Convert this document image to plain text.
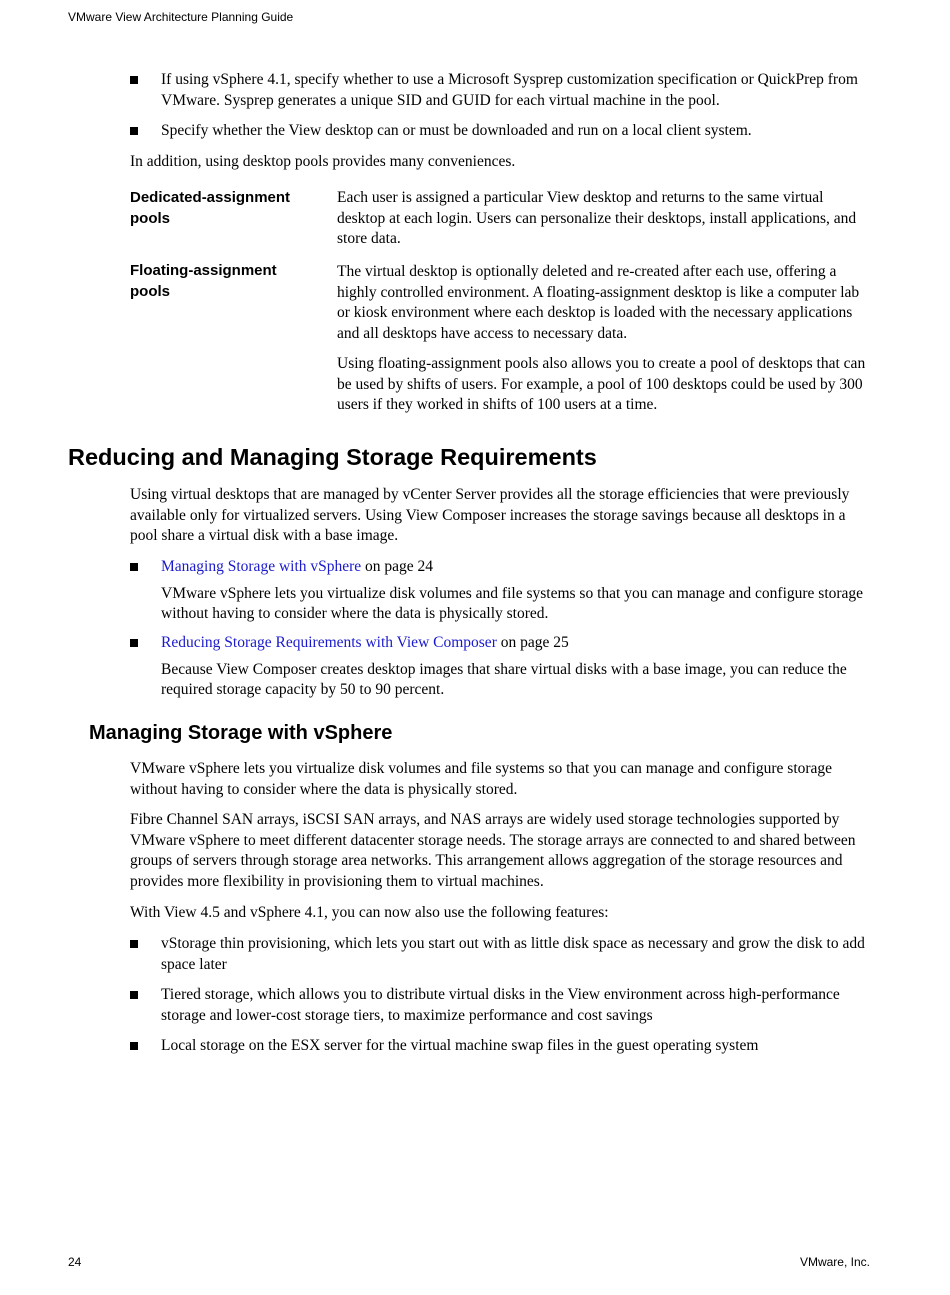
VMware View Architecture Planning Guide
If using vSphere 4.1, specify whether to use a Microsoft Sysprep customization specification or QuickPrep from VMware. Sysprep generates a unique SID and GUID for each virtual machine in the pool.
Specify whether the View desktop can or must be downloaded and run on a local client system.
In addition, using desktop pools provides many conveniences.
Dedicated-assignment pools
Each user is assigned a particular View desktop and returns to the same virtual desktop at each login. Users can personalize their desktops, install applications, and store data.
Floating-assignment pools
The virtual desktop is optionally deleted and re-created after each use, offering a highly controlled environment. A floating-assignment desktop is like a computer lab or kiosk environment where each desktop is loaded with the necessary applications and all desktops have access to necessary data.
Using floating-assignment pools also allows you to create a pool of desktops that can be used by shifts of users. For example, a pool of 100 desktops could be used by 300 users if they worked in shifts of 100 users at a time.
Reducing and Managing Storage Requirements
Using virtual desktops that are managed by vCenter Server provides all the storage efficiencies that were previously available only for virtualized servers. Using View Composer increases the storage savings because all desktops in a pool share a virtual disk with a base image.
Managing Storage with vSphere on page 24
VMware vSphere lets you virtualize disk volumes and file systems so that you can manage and configure storage without having to consider where the data is physically stored.
Reducing Storage Requirements with View Composer on page 25
Because View Composer creates desktop images that share virtual disks with a base image, you can reduce the required storage capacity by 50 to 90 percent.
Managing Storage with vSphere
VMware vSphere lets you virtualize disk volumes and file systems so that you can manage and configure storage without having to consider where the data is physically stored.
Fibre Channel SAN arrays, iSCSI SAN arrays, and NAS arrays are widely used storage technologies supported by VMware vSphere to meet different datacenter storage needs. The storage arrays are connected to and shared between groups of servers through storage area networks. This arrangement allows aggregation of the storage resources and provides more flexibility in provisioning them to virtual machines.
With View 4.5 and vSphere 4.1, you can now also use the following features:
vStorage thin provisioning, which lets you start out with as little disk space as necessary and grow the disk to add space later
Tiered storage, which allows you to distribute virtual disks in the View environment across high-performance storage and lower-cost storage tiers, to maximize performance and cost savings
Local storage on the ESX server for the virtual machine swap files in the guest operating system
24	VMware, Inc.
